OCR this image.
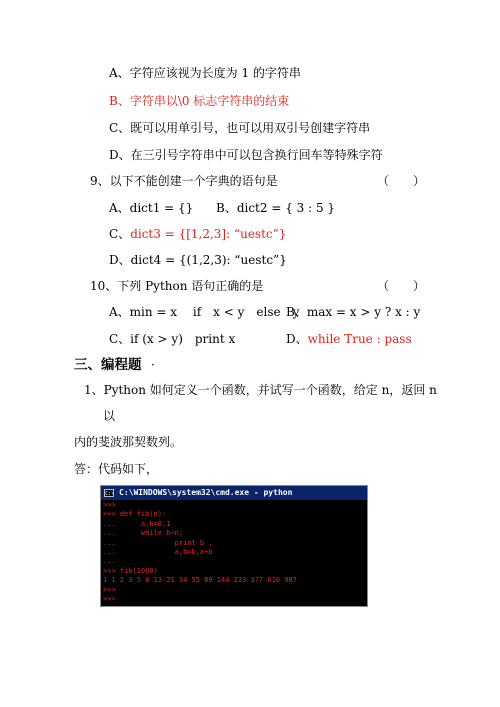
A、字符应该视为长度为 1 的字符串
B、字符串以\0 标志字符串的结束
C、既可以用单引号，也可以用双引号创建字符串
D、在三引号字符串中可以包含换行回车等特殊字符
9、以下不能创建一个字典的语句是	（　　）
A、dict1 = {} B、dict2 = { 3 : 5 }
C、dict3 = {[1,2,3]: “uestc”}
D、dict4 = {(1,2,3): “uestc”}
10、下列 Python 语句正确的是	（　　）
A、min = x　 if　x < y　else　y
B、max = x > y ? x : y
C、if (x > y)　print x	D、while True : pass
三、编程题 ·
1、Python 如何定义一个函数，并试写一个函数，给定 n，返回 n
以
内的斐波那契数列。
答：代码如下，
C:\ C:\WINDOWS\system32\cmd.exe - python
>>>
>>> def fib(n):
...      a,b=0,1
...      while b<n:
...              print b ,
...              a,b=b,a+b
...
>>> fib(1000)
1 1 2 3 5 8 13 21 34 55 89 144 233 377 610 987
>>>
>>>
